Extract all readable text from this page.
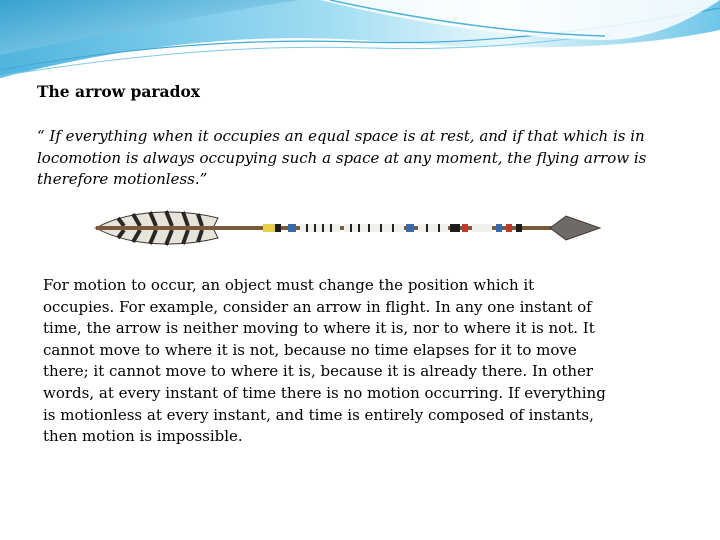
The arrow paradox
“ If everything when it occupies an equal space is at rest, and if that which is in locomotion is always occupying such a space at any moment, the flying arrow is therefore motionless.”
For motion to occur, an object must change the position which it occupies. For example, consider an arrow in flight. In any one instant of time, the arrow is neither moving to where it is, nor to where it is not. It cannot move to where it is not, because no time elapses for it to move there; it cannot move to where it is, because it is already there. In other words, at every instant of time there is no motion occurring. If everything is motionless at every instant, and time is entirely composed of instants, then motion is impossible.
